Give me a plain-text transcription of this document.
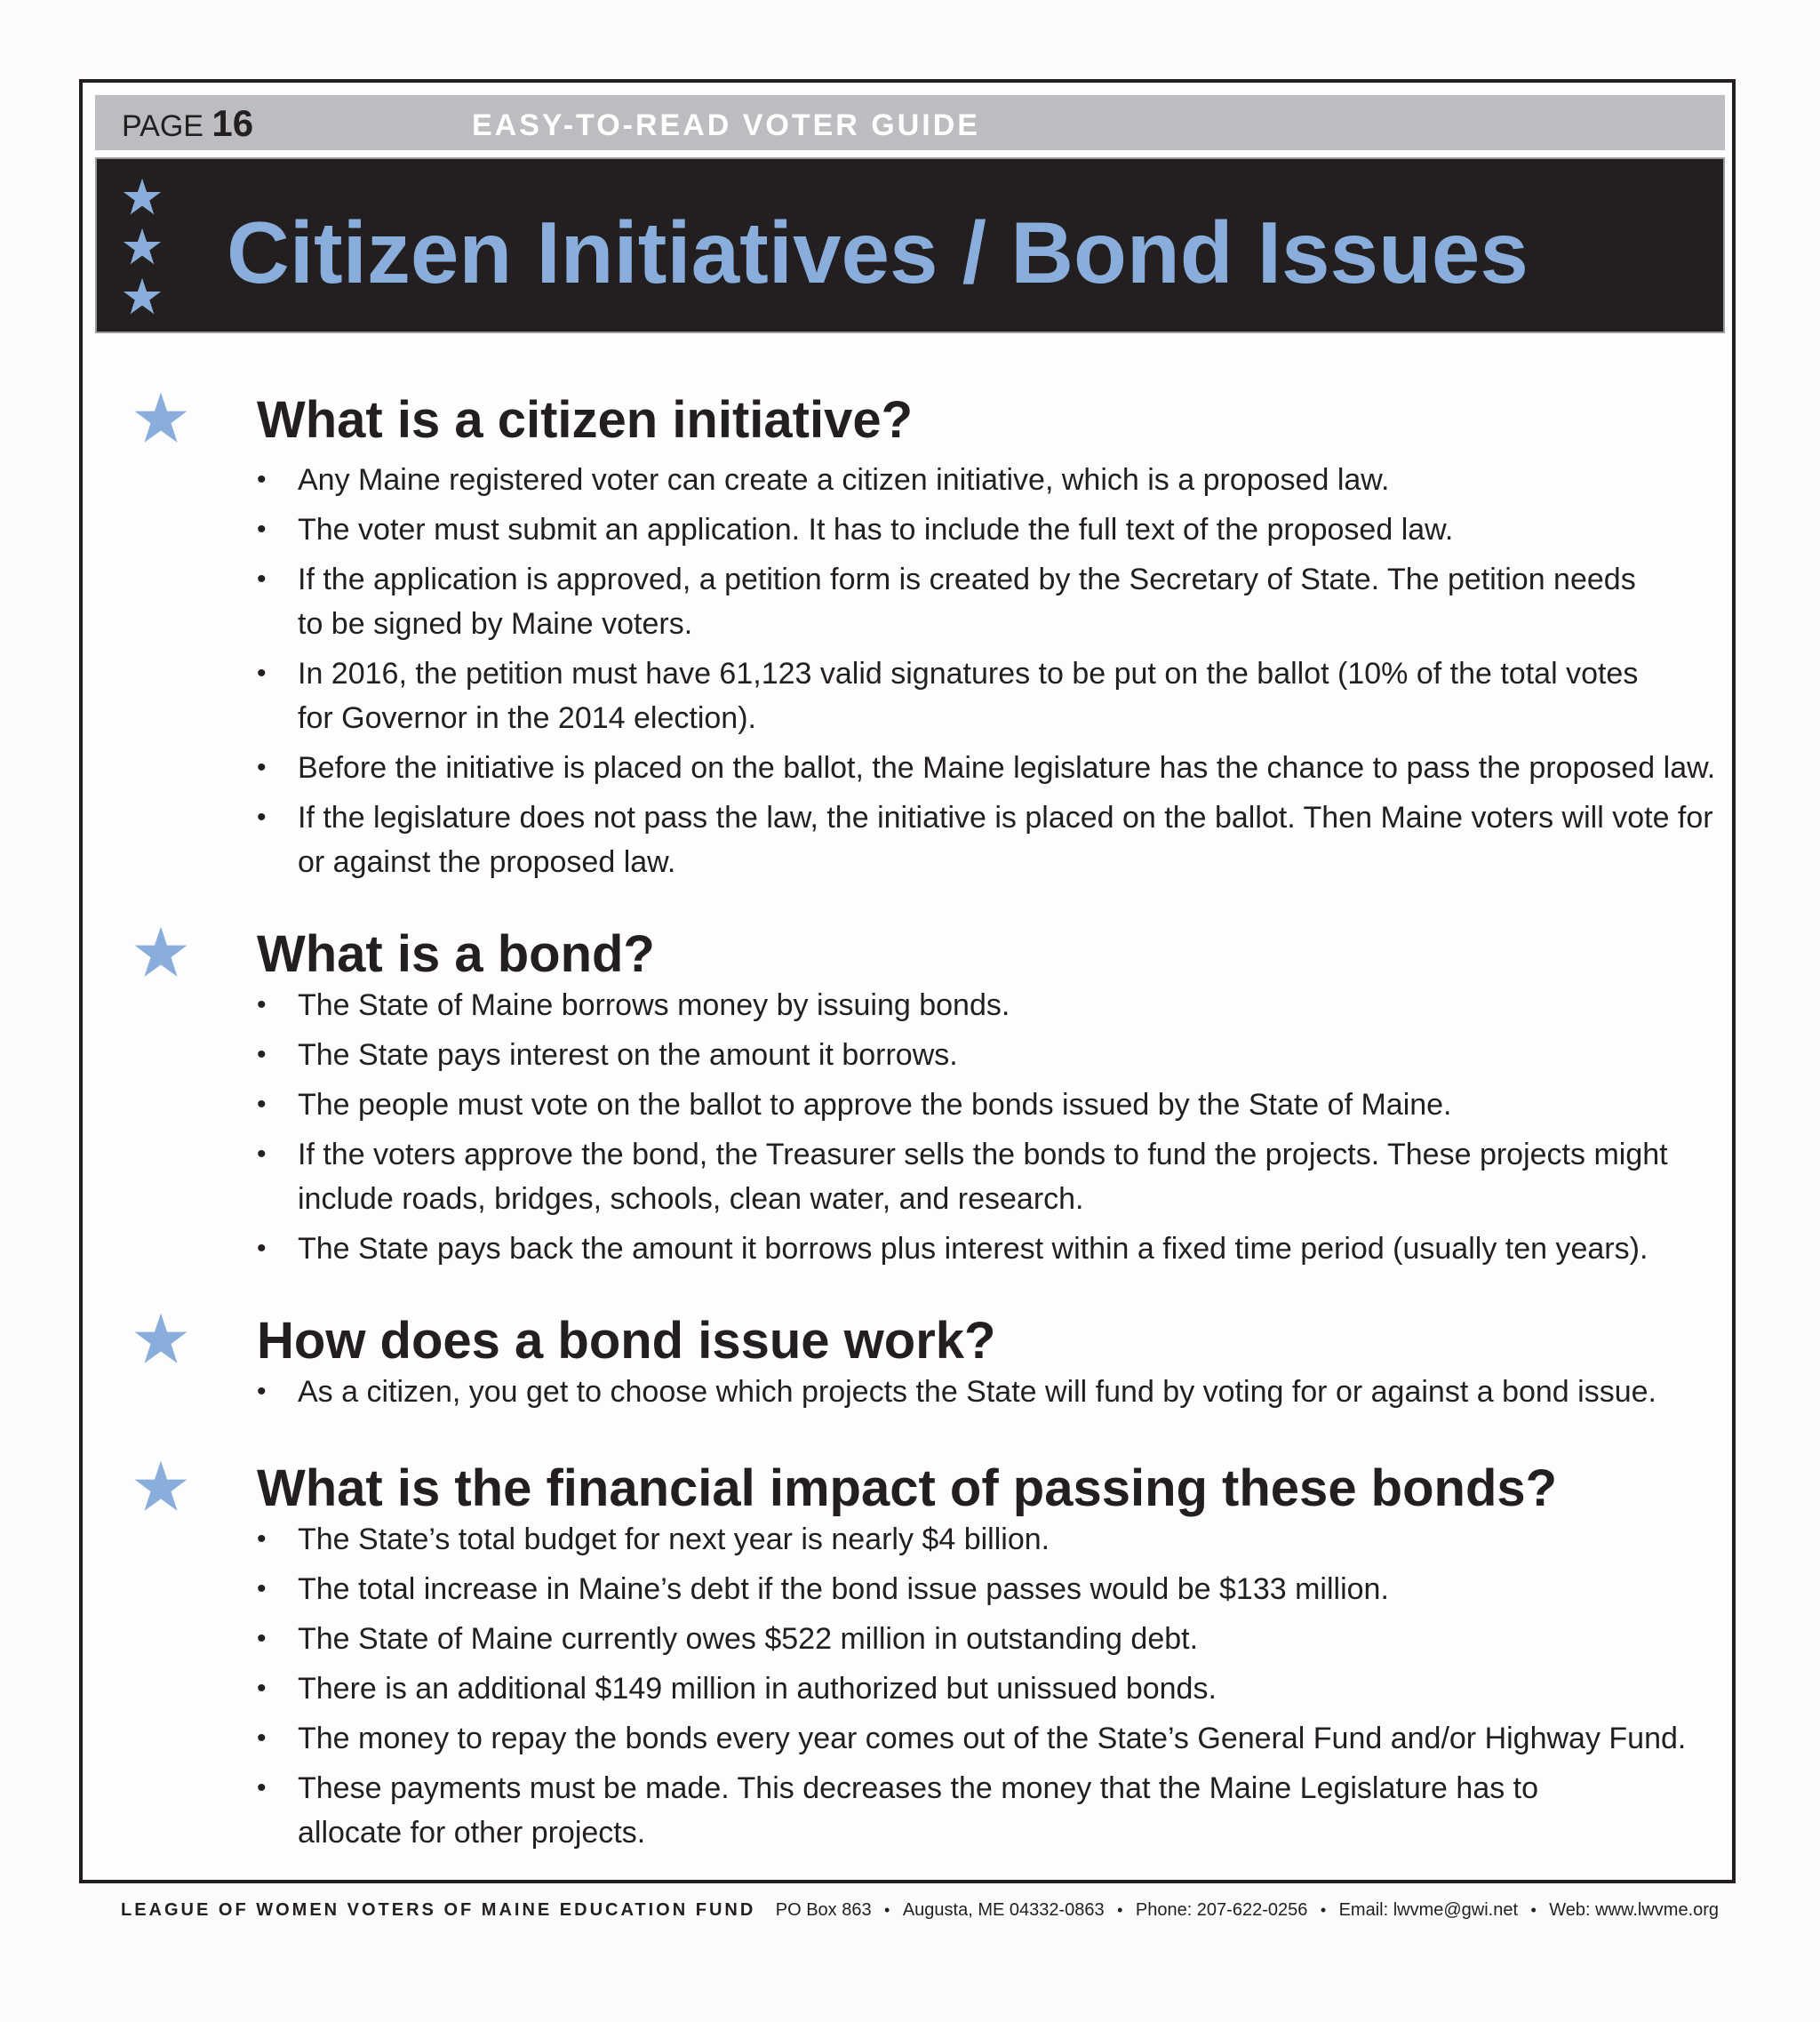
PAGE 16	EASY-TO-READ VOTER GUIDE
Citizen Initiatives / Bond Issues
What is a citizen initiative?
• Any Maine registered voter can create a citizen initiative, which is a proposed law.
• The voter must submit an application. It has to include the full text of the proposed law.
• If the application is approved, a petition form is created by the Secretary of State. The petition needs to be signed by Maine voters.
• In 2016, the petition must have 61,123 valid signatures to be put on the ballot (10% of the total votes for Governor in the 2014 election).
• Before the initiative is placed on the ballot, the Maine legislature has the chance to pass the proposed law.
• If the legislature does not pass the law, the initiative is placed on the ballot. Then Maine voters will vote for or against the proposed law.
What is a bond?
• The State of Maine borrows money by issuing bonds.
• The State pays interest on the amount it borrows.
• The people must vote on the ballot to approve the bonds issued by the State of Maine.
• If the voters approve the bond, the Treasurer sells the bonds to fund the projects. These projects might include roads, bridges, schools, clean water, and research.
• The State pays back the amount it borrows plus interest within a fixed time period (usually ten years).
How does a bond issue work?
• As a citizen, you get to choose which projects the State will fund by voting for or against a bond issue.
What is the financial impact of passing these bonds?
• The State’s total budget for next year is nearly $4 billion.
• The total increase in Maine’s debt if the bond issue passes would be $133 million.
• The State of Maine currently owes $522 million in outstanding debt.
• There is an additional $149 million in authorized but unissued bonds.
• The money to repay the bonds every year comes out of the State’s General Fund and/or Highway Fund.
• These payments must be made. This decreases the money that the Maine Legislature has to allocate for other projects.
LEAGUE OF WOMEN VOTERS OF MAINE EDUCATION FUND PO Box 863 • Augusta, ME 04332-0863 • Phone: 207-622-0256 • Email: lwvme@gwi.net • Web: www.lwvme.org
